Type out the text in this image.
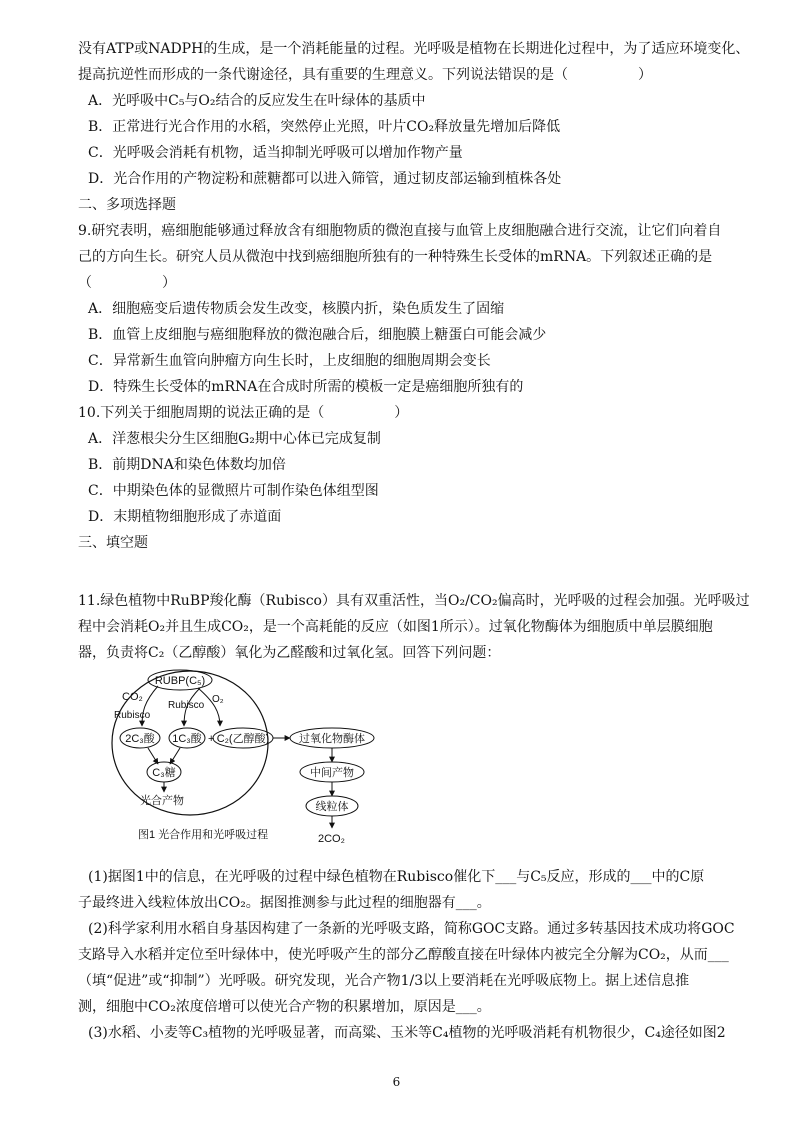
没有ATP或NADPH的生成，是一个消耗能量的过程。光呼吸是植物在长期进化过程中，为了适应环境变化、
提高抗逆性而形成的一条代谢途径，具有重要的生理意义。下列说法错误的是（　　　　　）
A．光呼吸中C₅与O₂结合的反应发生在叶绿体的基质中
B．正常进行光合作用的水稻，突然停止光照，叶片CO₂释放量先增加后降低
C．光呼吸会消耗有机物，适当抑制光呼吸可以增加作物产量
D．光合作用的产物淀粉和蔗糖都可以进入筛管，通过韧皮部运输到植株各处
二、多项选择题
9.研究表明，癌细胞能够通过释放含有细胞物质的微泡直接与血管上皮细胞融合进行交流，让它们向着自
己的方向生长。研究人员从微泡中找到癌细胞所独有的一种特殊生长受体的mRNA。下列叙述正确的是
（　　　　　）
A．细胞癌变后遗传物质会发生改变，核膜内折，染色质发生了固缩
B．血管上皮细胞与癌细胞释放的微泡融合后，细胞膜上糖蛋白可能会减少
C．异常新生血管向肿瘤方向生长时，上皮细胞的细胞周期会变长
D．特殊生长受体的mRNA在合成时所需的模板一定是癌细胞所独有的
10.下列关于细胞周期的说法正确的是（　　　　　）
A．洋葱根尖分生区细胞G₂期中心体已完成复制
B．前期DNA和染色体数均加倍
C．中期染色体的显微照片可制作染色体组型图
D．末期植物细胞形成了赤道面
三、填空题
11.绿色植物中RuBP羧化酶（Rubisco）具有双重活性，当O₂/CO₂偏高时，光呼吸的过程会加强。光呼吸过
程中会消耗O₂并且生成CO₂，是一个高耗能的反应（如图1所示）。过氧化物酶体为细胞质中单层膜细胞
器，负责将C₂（乙醇酸）氧化为乙醛酸和过氧化氢。回答下列问题：
RUBP(C₅)
CO₂
Rubisco
Rubisco
O₂
2C₃酸 1C₃酸 + C₂(乙醇酸)
C₃糖
光合产物
过氧化物酶体
中间产物
线粒体
2CO₂
图1 光合作用和光呼吸过程
(1)据图1中的信息，在光呼吸的过程中绿色植物在Rubisco催化下___与C₅反应，形成的___中的C原
子最终进入线粒体放出CO₂。据图推测参与此过程的细胞器有___。
(2)科学家利用水稻自身基因构建了一条新的光呼吸支路，简称GOC支路。通过多转基因技术成功将GOC
支路导入水稻并定位至叶绿体中，使光呼吸产生的部分乙醇酸直接在叶绿体内被完全分解为CO₂，从而___
（填“促进”或“抑制”）光呼吸。研究发现，光合产物1/3以上要消耗在光呼吸底物上。据上述信息推
测，细胞中CO₂浓度倍增可以使光合产物的积累增加，原因是___。
(3)水稻、小麦等C₃植物的光呼吸显著，而高粱、玉米等C₄植物的光呼吸消耗有机物很少，C₄途径如图2
6
